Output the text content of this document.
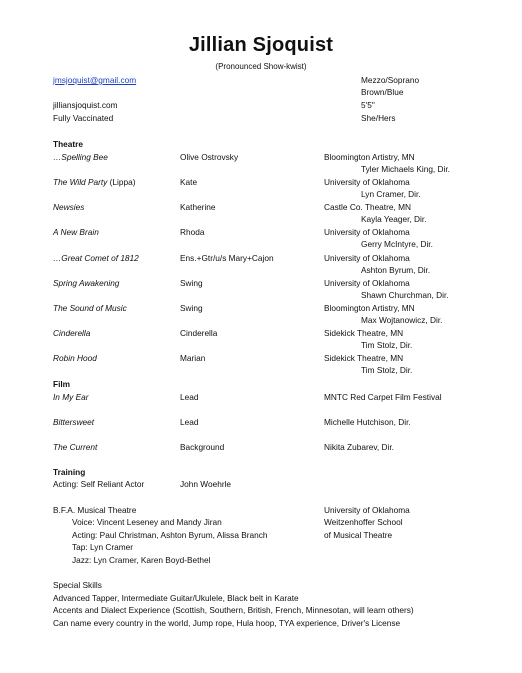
Jillian Sjoquist
(Pronounced Show-kwist)
jmsjoquist@gmail.com
jilliansjoquist.com
Fully Vaccinated
Mezzo/Soprano
Brown/Blue
5'5"
She/Hers
Theatre
…Spelling Bee	Olive Ostrovsky	Bloomington Artistry, MN
Tyler Michaels King, Dir.
The Wild Party (Lippa)	Kate	University of Oklahoma
Lyn Cramer, Dir.
Newsies	Katherine	Castle Co. Theatre, MN
Kayla Yeager, Dir.
A New Brain	Rhoda	University of Oklahoma
Gerry McIntyre, Dir.
…Great Comet of 1812	Ens.+Gtr/u/s Mary+Cajon	University of Oklahoma
Ashton Byrum, Dir.
Spring Awakening	Swing	University of Oklahoma
Shawn Churchman, Dir.
The Sound of Music	Swing	Bloomington Artistry, MN
Max Wojtanowicz, Dir.
Cinderella	Cinderella	Sidekick Theatre, MN
Tim Stolz, Dir.
Robin Hood	Marian	Sidekick Theatre, MN
Tim Stolz, Dir.
Film
In My Ear	Lead	MNTC Red Carpet Film Festival
Bittersweet	Lead	Michelle Hutchison, Dir.
The Current	Background	Nikita Zubarev, Dir.
Training
Acting: Self Reliant Actor	John Woehrle
B.F.A. Musical Theatre	University of Oklahoma
Weitzenhoffer School
of Musical Theatre
Voice: Vincent Leseney and Mandy Jiran
Acting: Paul Christman, Ashton Byrum, Alissa Branch
Tap: Lyn Cramer
Jazz: Lyn Cramer, Karen Boyd-Bethel
Special Skills
Advanced Tapper, Intermediate Guitar/Ukulele, Black belt in Karate
Accents and Dialect Experience (Scottish, Southern, British, French, Minnesotan, will learn others)
Can name every country in the world, Jump rope, Hula hoop, TYA experience, Driver's License
